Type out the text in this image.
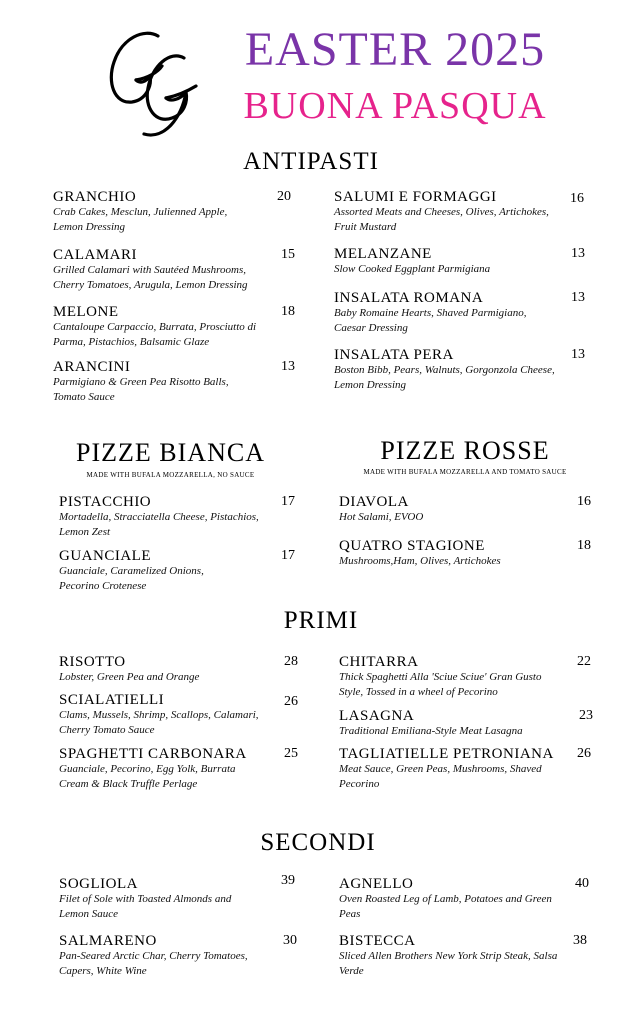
EASTER 2025
BUONA PASQUA
ANTIPASTI
GRANCHIO
Crab Cakes, Mesclun, Julienned Apple, Lemon Dressing
20
CALAMARI
Grilled Calamari with Sautéed Mushrooms, Cherry Tomatoes, Arugula, Lemon Dressing
15
MELONE
Cantaloupe Carpaccio, Burrata, Prosciutto di Parma, Pistachios, Balsamic Glaze
18
ARANCINI
Parmigiano & Green Pea Risotto Balls, Tomato Sauce
13
SALUMI E FORMAGGI
Assorted Meats and Cheeses, Olives, Artichokes, Fruit Mustard
16
MELANZANE
Slow Cooked Eggplant Parmigiana
13
INSALATA ROMANA
Baby Romaine Hearts, Shaved Parmigiano, Caesar Dressing
13
INSALATA PERA
Boston Bibb, Pears, Walnuts, Gorgonzola Cheese, Lemon Dressing
13
PIZZE BIANCA
MADE WITH BUFALA MOZZARELLA, NO SAUCE
PISTACCHIO
Mortadella, Stracciatella Cheese, Pistachios, Lemon Zest
17
GUANCIALE
Guanciale, Caramelized Onions, Pecorino Crotenese
17
PIZZE ROSSE
MADE WITH BUFALA MOZZARELLA AND TOMATO SAUCE
DIAVOLA
Hot Salami, EVOO
16
QUATRO STAGIONE
Mushrooms,Ham, Olives, Artichokes
18
PRIMI
RISOTTO
Lobster, Green Pea and Orange
28
SCIALATIELLI
Clams, Mussels, Shrimp, Scallops, Calamari, Cherry Tomato Sauce
26
SPAGHETTI CARBONARA
Guanciale, Pecorino, Egg Yolk, Burrata Cream & Black Truffle Perlage
25
CHITARRA
Thick Spaghetti Alla 'Sciue Sciue' Gran Gusto Style, Tossed in a wheel of Pecorino
22
LASAGNA
Traditional Emiliana-Style Meat Lasagna
23
TAGLIATIELLE PETRONIANA
Meat Sauce, Green Peas, Mushrooms, Shaved Pecorino
26
SECONDI
SOGLIOLA
Filet of Sole with Toasted Almonds and Lemon Sauce
39
SALMARENO
Pan-Seared Arctic Char, Cherry Tomatoes, Capers, White Wine
30
AGNELLO
Oven Roasted Leg of Lamb, Potatoes and Green Peas
40
BISTECCA
Sliced Allen Brothers New York Strip Steak, Salsa Verde
38
